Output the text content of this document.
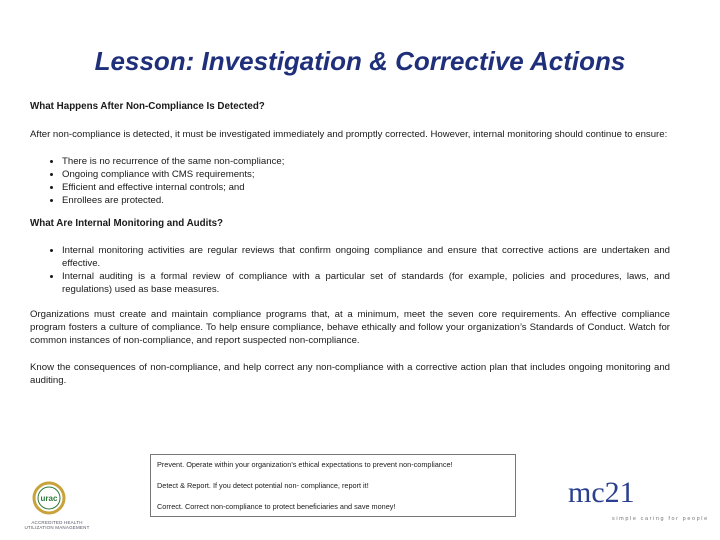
Lesson: Investigation & Corrective Actions

What Happens After Non-Compliance Is Detected?

After non-compliance is detected, it must be investigated immediately and promptly corrected. However, internal monitoring should continue to ensure:

• There is no recurrence of the same non-compliance;
• Ongoing compliance with CMS requirements;
• Efficient and effective internal controls; and
• Enrollees are protected.

What Are Internal Monitoring and Audits?

• Internal monitoring activities are regular reviews that confirm ongoing compliance and ensure that corrective actions are undertaken and effective.
• Internal auditing is a formal review of compliance with a particular set of standards (for example, policies and procedures, laws, and regulations) used as base measures.

Organizations must create and maintain compliance programs that, at a minimum, meet the seven core requirements. An effective compliance program fosters a culture of compliance. To help ensure compliance, behave ethically and follow your organization’s Standards of Conduct. Watch for common instances of non-compliance, and report suspected non-compliance.

Know the consequences of non-compliance, and help correct any non-compliance with a corrective action plan that includes ongoing monitoring and auditing.

Prevent. Operate within your organization’s ethical expectations to prevent non-compliance!
Detect & Report. If you detect potential non- compliance, report it!
Correct. Correct non-compliance to protect beneficiaries and save money!
urac
ACCREDITED HEALTH UTILIZATION MANAGEMENT
mc21
simple caring for people
